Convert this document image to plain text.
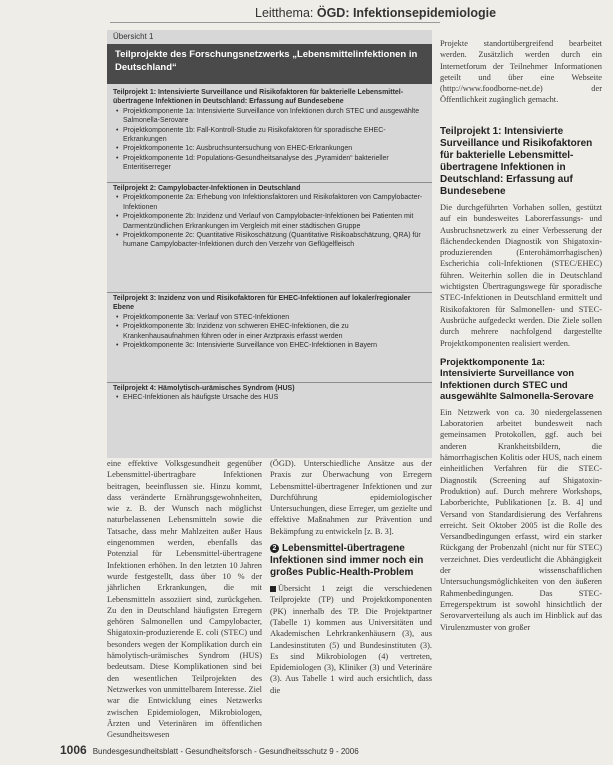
Leitthema: ÖGD: Infektionsepidemiologie
Übersicht 1
Teilprojekte des Forschungsnetzwerks „Lebensmittelinfektionen in Deutschland“
Teilprojekt 1: Intensivierte Surveillance und Risikofaktoren für bakterielle Lebensmittel-übertragene Infektionen in Deutschland: Erfassung auf Bundesebene
• Projektkomponente 1a: Intensivierte Surveillance von Infektionen durch STEC und ausgewählte Salmonella-Serovare
• Projektkomponente 1b: Fall-Kontroll-Studie zu Risikofaktoren für sporadische EHEC-Erkrankungen
• Projektkomponente 1c: Ausbruchsuntersuchung von EHEC-Erkrankungen
• Projektkomponente 1d: Populations-Gesundheitsanalyse des „Pyramiden“ bakterieller Enteritiserreger
Teilprojekt 2: Campylobacter-Infektionen in Deutschland
• Projektkomponente 2a: Erhebung von Infektionsfaktoren und Risikofaktoren von Campylobacter-Infektionen
• Projektkomponente 2b: Inzidenz und Verlauf von Campylobacter-Infektionen bei Patienten mit Darmentzündlichen Erkrankungen im Vergleich mit einer städtischen Gruppe
• Projektkomponente 2c: Quantitative Risikoschätzung (Quantitative Risikoabschätzung, QRA) für humane Campylobacter-Infektionen durch den Verzehr von Geflügelfleisch
Teilprojekt 3: Inzidenz von und Risikofaktoren für EHEC-Infektionen auf lokaler/regionaler Ebene
• Projektkomponente 3a: Verlauf von STEC-Infektionen
• Projektkomponente 3b: Inzidenz von schweren EHEC-Infektionen, die zu Krankenhausaufnahmen führen oder in einer Arztpraxis erfasst werden
• Projektkomponente 3c: Intensivierte Surveillance von EHEC-Infektionen in Bayern
Teilprojekt 4: Hämolytisch-urämisches Syndrom (HUS)
• EHEC-Infektionen als häufigste Ursache des HUS

Projekte standortübergreifend bearbeitet werden. Zusätzlich werden durch ein Internetforum der Teilnehmer Informationen geteilt und über eine Webseite (http://www.foodborne-net.de) der Öffentlichkeit zugänglich gemacht.

Teilprojekt 1: Intensivierte Surveillance und Risikofaktoren für bakterielle Lebensmittel-übertragene Infektionen in Deutschland: Erfassung auf Bundesebene

Die durchgeführten Vorhaben sollen, gestützt auf ein bundesweites Laborerfassungs- und Ausbruchsnetzwerk zu einer Verbesserung der flächendeckenden Diagnostik von Shigatoxin-produzierenden (Enterohämorrhagischen) Escherichia coli-Infektionen (STEC/EHEC) führen. Weiterhin sollen die in Deutschland wichtigsten Übertragungswege für sporadische STEC-Infektionen in Deutschland ermittelt und Risikofaktoren für Salmonellen- und STEC-Ausbrüche aufgedeckt werden. Die Ziele sollen durch mehrere nachfolgend dargestellte Projektkomponenten realisiert werden.

Projektkomponente 1a: Intensivierte Surveillance von Infektionen durch STEC und ausgewählte Salmonella-Serovare

Ein Netzwerk von ca. 30 niedergelassenen Laboratorien arbeitet bundesweit nach gemeinsamen Protokollen, ggf. auch bei anderen Krankheitsbildern, die hämorrhagischen Kolitis oder HUS, nach einem einheitlichen Verfahren für die STEC-Diagnostik (Screening auf Shigatoxin-Produktion) auf. Durch mehrere Workshops, Laborberichte, Publikationen [z. B. 4] und Versand von Standardisierung des Verfahrens erreicht. Seit Oktober 2005 ist die Rolle des Versandbedingungen erfasst, wird ein starker Rückgang der Probenzahl (nicht nur für STEC) verzeichnet. Dies verdeutlicht die Abhängigkeit der wissenschaftlichen Untersuchungsmöglichkeiten von den äußeren Rahmenbedingungen. Das STEC-Erregerspektrum ist sowohl hinsichtlich der Serovarverteilung als auch im Hinblick auf das Virulenzmuster von großer

eine effektive Volksgesundheit gegenüber Lebensmittel-übertragbare Infektionen beitragen, beeinflussen sie. Hinzu kommt, dass veränderte Ernährungsgewohnheiten, wie z. B. der Wunsch nach möglichst naturbelassenen Lebensmitteln sowie die Tatsache, dass mehr Mahlzeiten außer Haus eingenommen werden, ebenfalls das Potenzial für Lebensmittel-übertragene Infektionen erhöhen. In den letzten 10 Jahren wurde festgestellt, dass über 10 % der jährlichen Erkrankungen, die mit Lebensmitteln assoziiert sind, zurückgehen. Zu den in Deutschland häufigsten Erregern gehören Salmonellen und Campylobacter, Shigatoxin-produzierende E. coli (STEC) und besonders wegen der Komplikation durch ein hämolytisch-urämisches Syndrom (HUS) bedeutsam. Diese Komplikationen sind bei den wesentlichen Teilprojekten des Netzwerkes von unmittelbarem Interesse. Ziel war die Entwicklung eines Netzwerks zwischen Epidemiologen, Mikrobiologen, Ärzten und Veterinären im öffentlichen Gesundheitswesen

(ÖGD). Unterschiedliche Ansätze aus der Praxis zur Überwachung von Erregern Lebensmittel-übertragener Infektionen und zur Durchführung epidemiologischer Untersuchungen, diese Erreger, um gezielte und effektive Maßnahmen zur Prävention und Bekämpfung zu entwickeln [z. B. 3].

2 Lebensmittel-übertragene Infektionen sind immer noch ein großes Public-Health-Problem

Übersicht 1 zeigt die verschiedenen Teilprojekte (TP) und Projektkomponenten (PK) innerhalb des TP. Die Projektpartner (Tabelle 1) kommen aus Universitäten und Akademischen Lehrkrankenhäusern (3), aus Landesinstituten (5) und Bundesinstituten (3). Es sind Mikrobiologen (4) vertreten, Epidemiologen (3), Kliniker (3) und Veterinäre (3). Aus Tabelle 1 wird auch ersichtlich, dass die

1006 Bundesgesundheitsblatt - Gesundheitsforsch - Gesundheitsschutz 9 - 2006
